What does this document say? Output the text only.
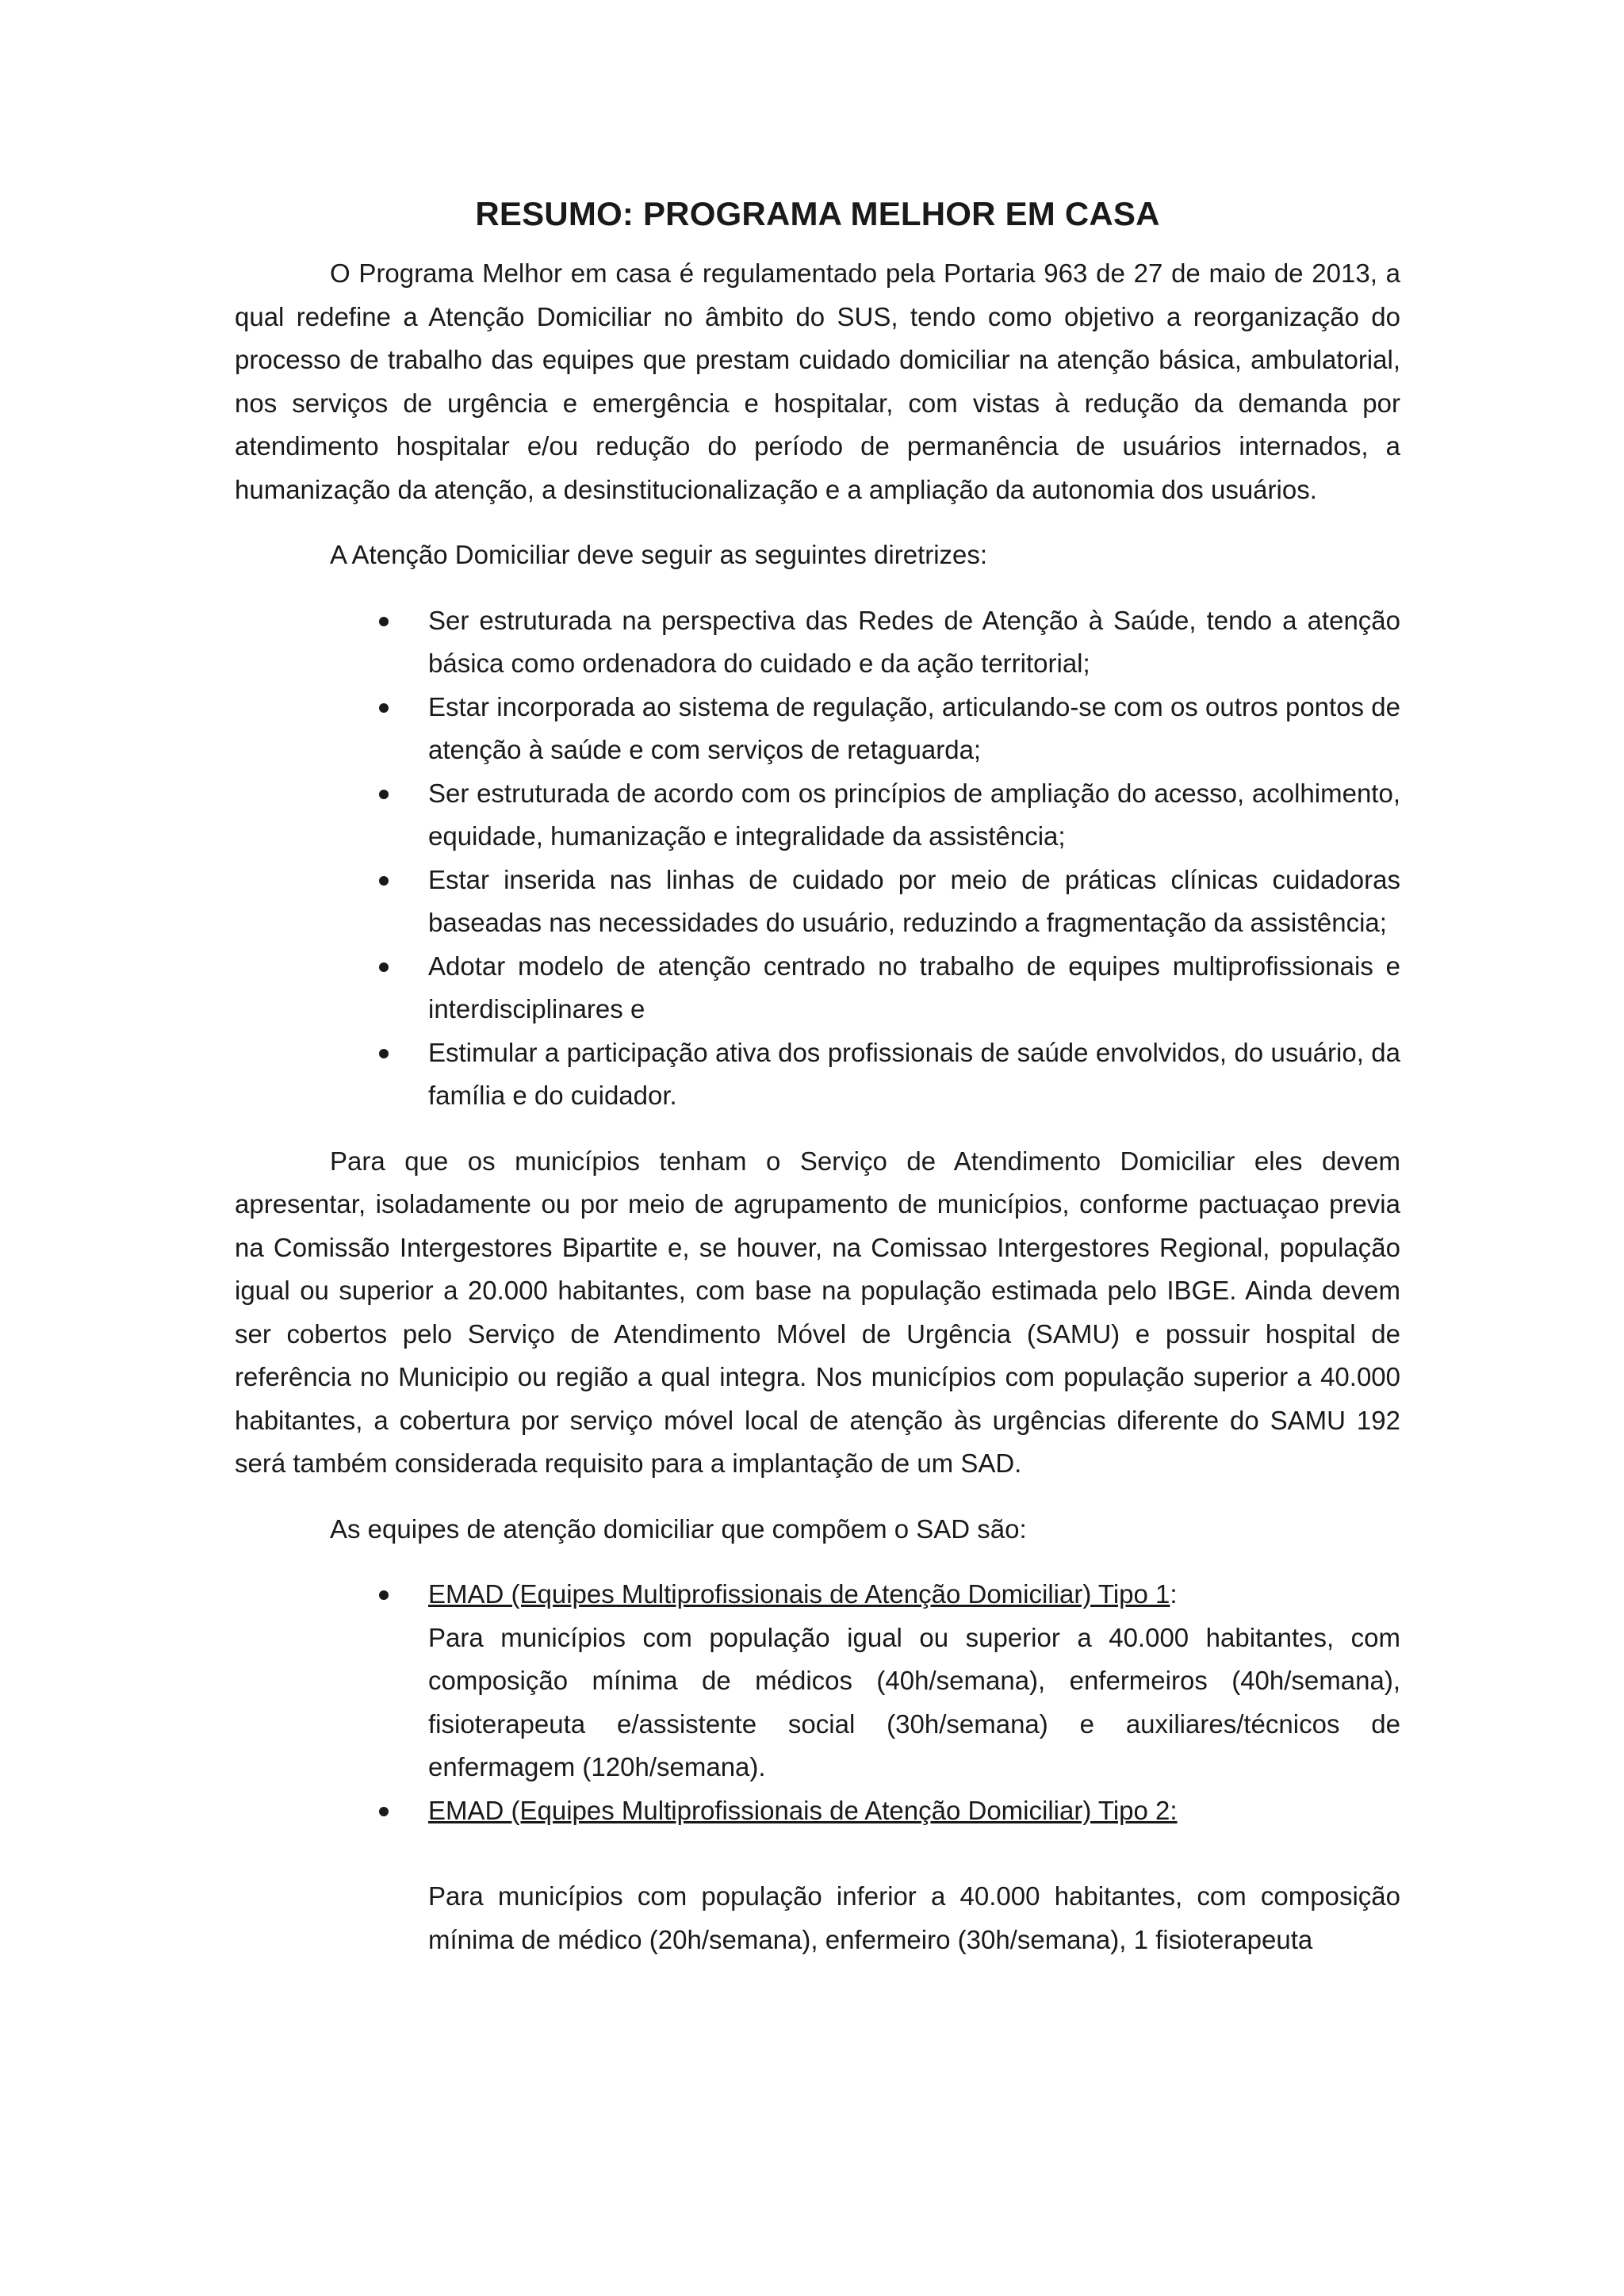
RESUMO: PROGRAMA MELHOR EM CASA

O Programa Melhor em casa é regulamentado pela Portaria 963 de 27 de maio de 2013, a qual redefine a Atenção Domiciliar no âmbito do SUS, tendo como objetivo a reorganização do processo de trabalho das equipes que prestam cuidado domiciliar na atenção básica, ambulatorial, nos serviços de urgência e emergência e hospitalar, com vistas à redução da demanda por atendimento hospitalar e/ou redução do período de permanência de usuários internados, a humanização da atenção, a desinstitucionalização e a ampliação da autonomia dos usuários.

A Atenção Domiciliar deve seguir as seguintes diretrizes:

Ser estruturada na perspectiva das Redes de Atenção à Saúde, tendo a atenção básica como ordenadora do cuidado e da ação territorial;
Estar incorporada ao sistema de regulação, articulando-se com os outros pontos de atenção à saúde e com serviços de retaguarda;
Ser estruturada de acordo com os princípios de ampliação do acesso, acolhimento, equidade, humanização e integralidade da assistência;
Estar inserida nas linhas de cuidado por meio de práticas clínicas cuidadoras baseadas nas necessidades do usuário, reduzindo a fragmentação da assistência;
Adotar modelo de atenção centrado no trabalho de equipes multiprofissionais e interdisciplinares e
Estimular a participação ativa dos profissionais de saúde envolvidos, do usuário, da família e do cuidador.

Para que os municípios tenham o Serviço de Atendimento Domiciliar eles devem apresentar, isoladamente ou por meio de agrupamento de municípios, conforme pactuaçao previa na Comissão Intergestores Bipartite e, se houver, na Comissao Intergestores Regional, população igual ou superior a 20.000 habitantes, com base na população estimada pelo IBGE. Ainda devem ser cobertos pelo Serviço de Atendimento Móvel de Urgência (SAMU) e possuir hospital de referência no Municipio ou região a qual integra. Nos municípios com população superior a 40.000 habitantes, a cobertura por serviço móvel local de atenção às urgências diferente do SAMU 192 será também considerada requisito para a implantação de um SAD.

As equipes de atenção domiciliar que compõem o SAD são:

EMAD (Equipes Multiprofissionais de Atenção Domiciliar) Tipo 1:
Para municípios com população igual ou superior a 40.000 habitantes, com composição mínima de médicos (40h/semana), enfermeiros (40h/semana), fisioterapeuta e/assistente social (30h/semana) e auxiliares/técnicos de enfermagem (120h/semana).
EMAD (Equipes Multiprofissionais de Atenção Domiciliar) Tipo 2:
Para municípios com população inferior a 40.000 habitantes, com composição mínima de médico (20h/semana), enfermeiro (30h/semana), 1 fisioterapeuta
